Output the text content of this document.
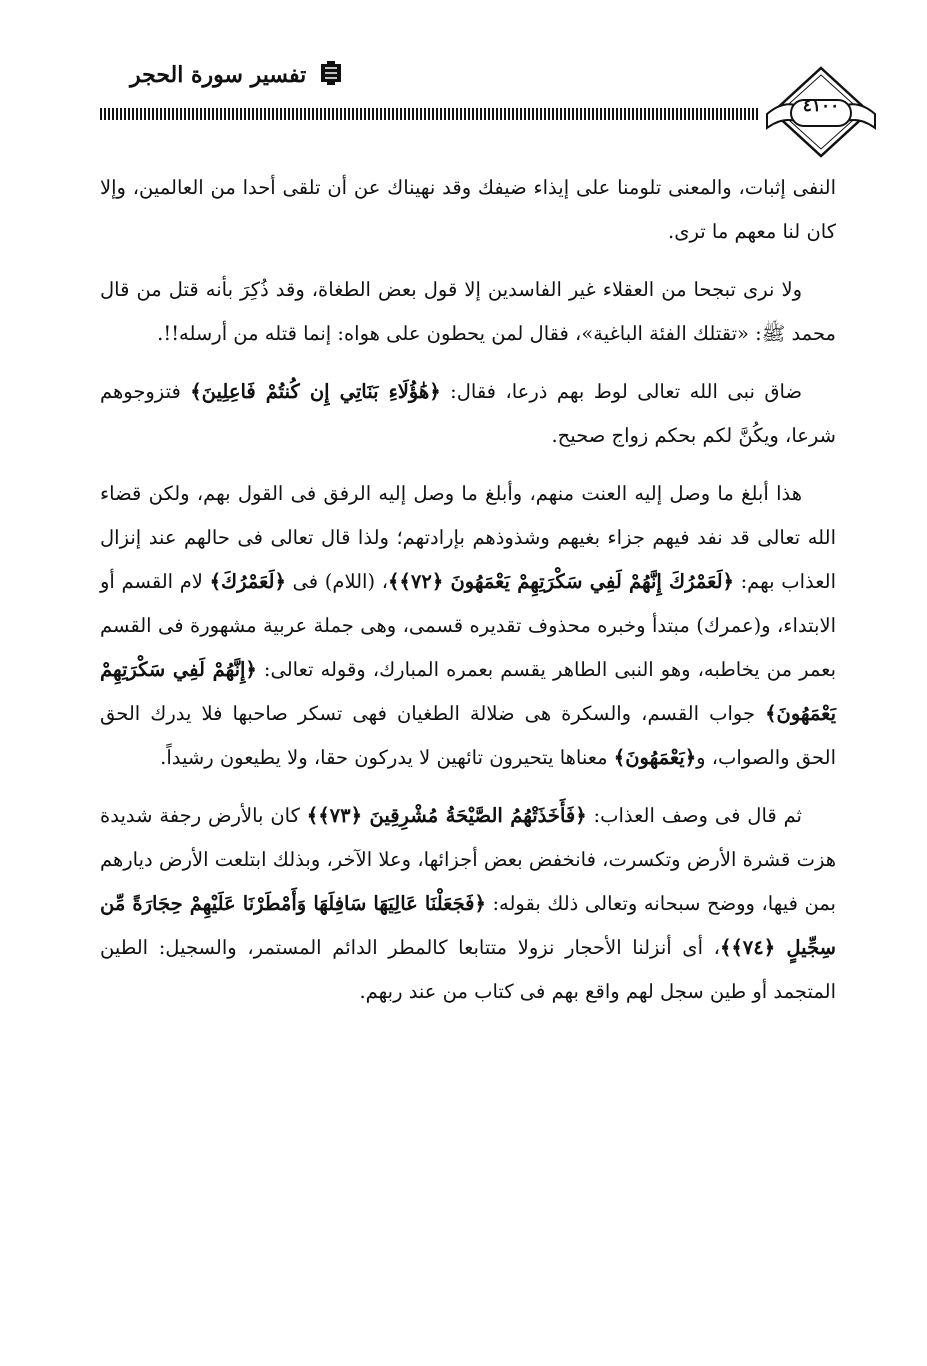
تفسير سورة الحجر
٤١٠٠

النفى إثبات، والمعنى تلومنا على إيذاء ضيفك وقد نهيناك عن أن تلقى أحدا من العالمين، وإلا كان لنا معهم ما ترى.

ولا نرى تبجحا من العقلاء غير الفاسدين إلا قول بعض الطغاة، وقد ذُكِرَ بأنه قتل من قال محمد ﷺ: «تقتلك الفئة الباغية»، فقال لمن يحطون على هواه: إنما قتله من أرسله!!.

ضاق نبى الله تعالى لوط بهم ذرعا، فقال: ﴿هَٰؤُلَاءِ بَنَاتِي إِن كُنتُمْ فَاعِلِينَ﴾ فتزوجوهم شرعا، ويكُنَّ لكم بحكم زواج صحيح.

هذا أبلغ ما وصل إليه العنت منهم، وأبلغ ما وصل إليه الرفق فى القول بهم، ولكن قضاء الله تعالى قد نفد فيهم جزاء بغيهم وشذوذهم بإرادتهم؛ ولذا قال تعالى فى حالهم عند إنزال العذاب بهم: ﴿لَعَمْرُكَ إِنَّهُمْ لَفِي سَكْرَتِهِمْ يَعْمَهُونَ ﴿٧٢﴾﴾، (اللام) فى ﴿لَعَمْرُكَ﴾ لام القسم أو الابتداء، و(عمرك) مبتدأ وخبره محذوف تقديره قسمى، وهى جملة عربية مشهورة فى القسم بعمر من يخاطبه، وهو النبى الطاهر يقسم بعمره المبارك، وقوله تعالى: ﴿إِنَّهُمْ لَفِي سَكْرَتِهِمْ يَعْمَهُونَ﴾ جواب القسم، والسكرة هى ضلالة الطغيان فهى تسكر صاحبها فلا يدرك الحق الحق والصواب، و﴿يَعْمَهُونَ﴾ معناها يتحيرون تائهين لا يدركون حقا، ولا يطيعون رشيداً.

ثم قال فى وصف العذاب: ﴿فَأَخَذَتْهُمُ الصَّيْحَةُ مُشْرِقِينَ ﴿٧٣﴾﴾ كان بالأرض رجفة شديدة هزت قشرة الأرض وتكسرت، فانخفض بعض أجزائها، وعلا الآخر، وبذلك ابتلعت الأرض ديارهم بمن فيها، ووضح سبحانه وتعالى ذلك بقوله: ﴿فَجَعَلْنَا عَالِيَهَا سَافِلَهَا وَأَمْطَرْنَا عَلَيْهِمْ حِجَارَةً مِّن سِجِّيلٍ ﴿٧٤﴾﴾، أى أنزلنا الأحجار نزولا متتابعا كالمطر الدائم المستمر، والسجيل: الطين المتجمد أو طين سجل لهم واقع بهم فى كتاب من عند ربهم.
